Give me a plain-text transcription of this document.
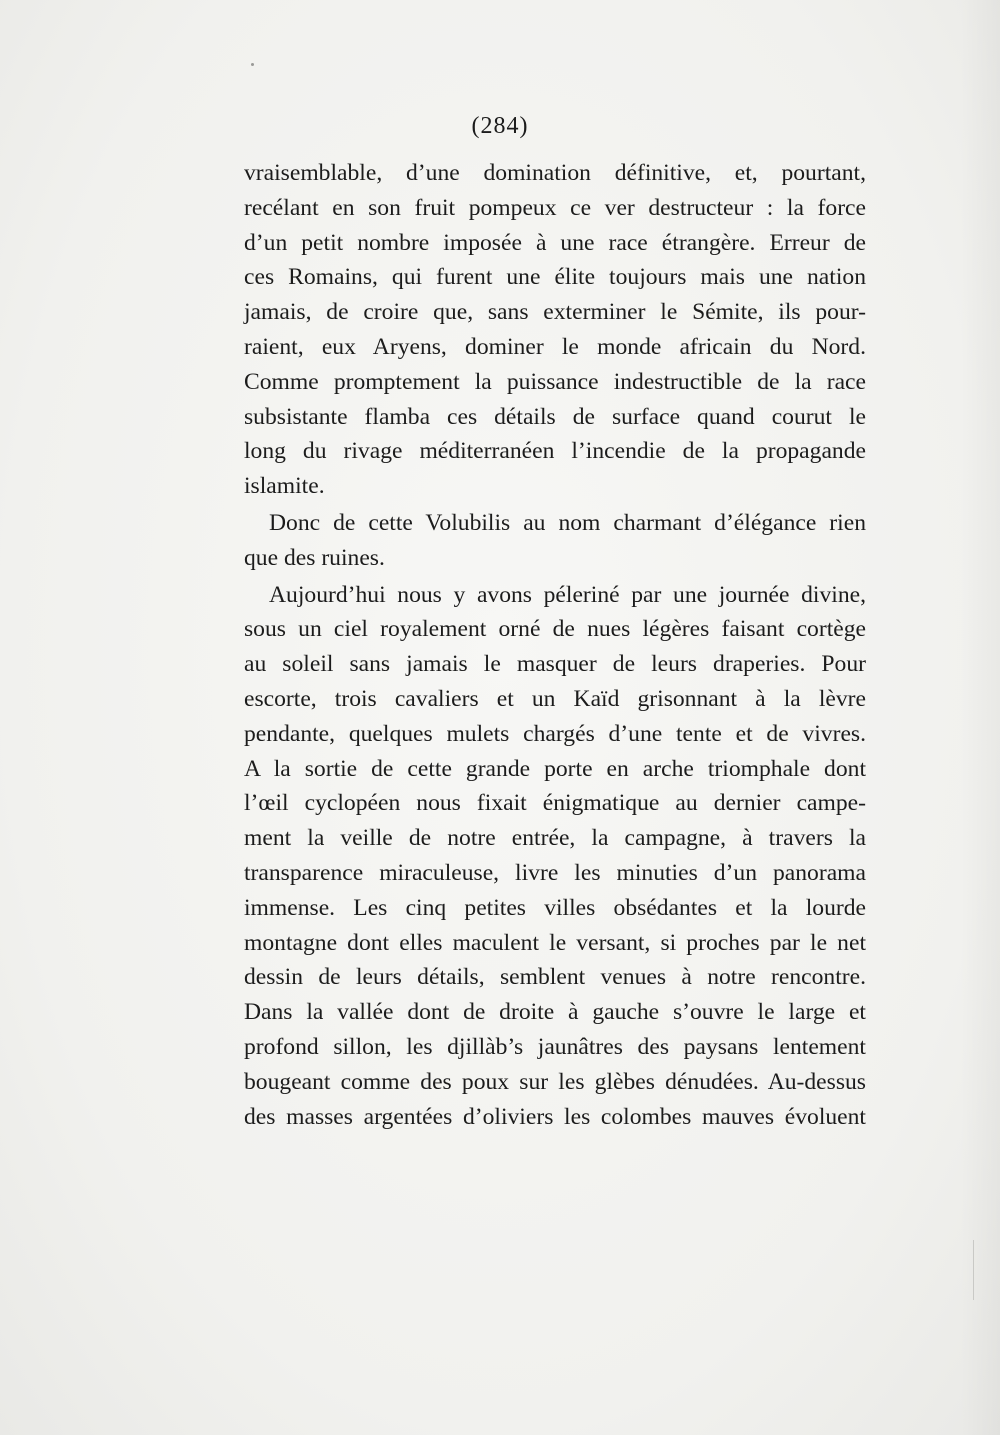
(284)
vraisemblable, d’une domination définitive, et, pourtant,
recélant en son fruit pompeux ce ver destructeur : la force
d’un petit nombre imposée à une race étrangère. Erreur de
ces Romains, qui furent une élite toujours mais une nation
jamais, de croire que, sans exterminer le Sémite, ils pour-
raient, eux Aryens, dominer le monde africain du Nord.
Comme promptement la puissance indestructible de la race
subsistante flamba ces détails de surface quand courut le
long du rivage méditerranéen l’incendie de la propagande
islamite.
Donc de cette Volubilis au nom charmant d’élégance rien
que des ruines.
Aujourd’hui nous y avons péleriné par une journée divine,
sous un ciel royalement orné de nues légères faisant cortège
au soleil sans jamais le masquer de leurs draperies. Pour
escorte, trois cavaliers et un Kaïd grisonnant à la lèvre
pendante, quelques mulets chargés d’une tente et de vivres.
A la sortie de cette grande porte en arche triomphale dont
l’œil cyclopéen nous fixait énigmatique au dernier campe-
ment la veille de notre entrée, la campagne, à travers la
transparence miraculeuse, livre les minuties d’un panorama
immense. Les cinq petites villes obsédantes et la lourde
montagne dont elles maculent le versant, si proches par le net
dessin de leurs détails, semblent venues à notre rencontre.
Dans la vallée dont de droite à gauche s’ouvre le large et
profond sillon, les djillàb’s jaunâtres des paysans lentement
bougeant comme des poux sur les glèbes dénudées. Au-dessus
des masses argentées d’oliviers les colombes mauves évoluent
